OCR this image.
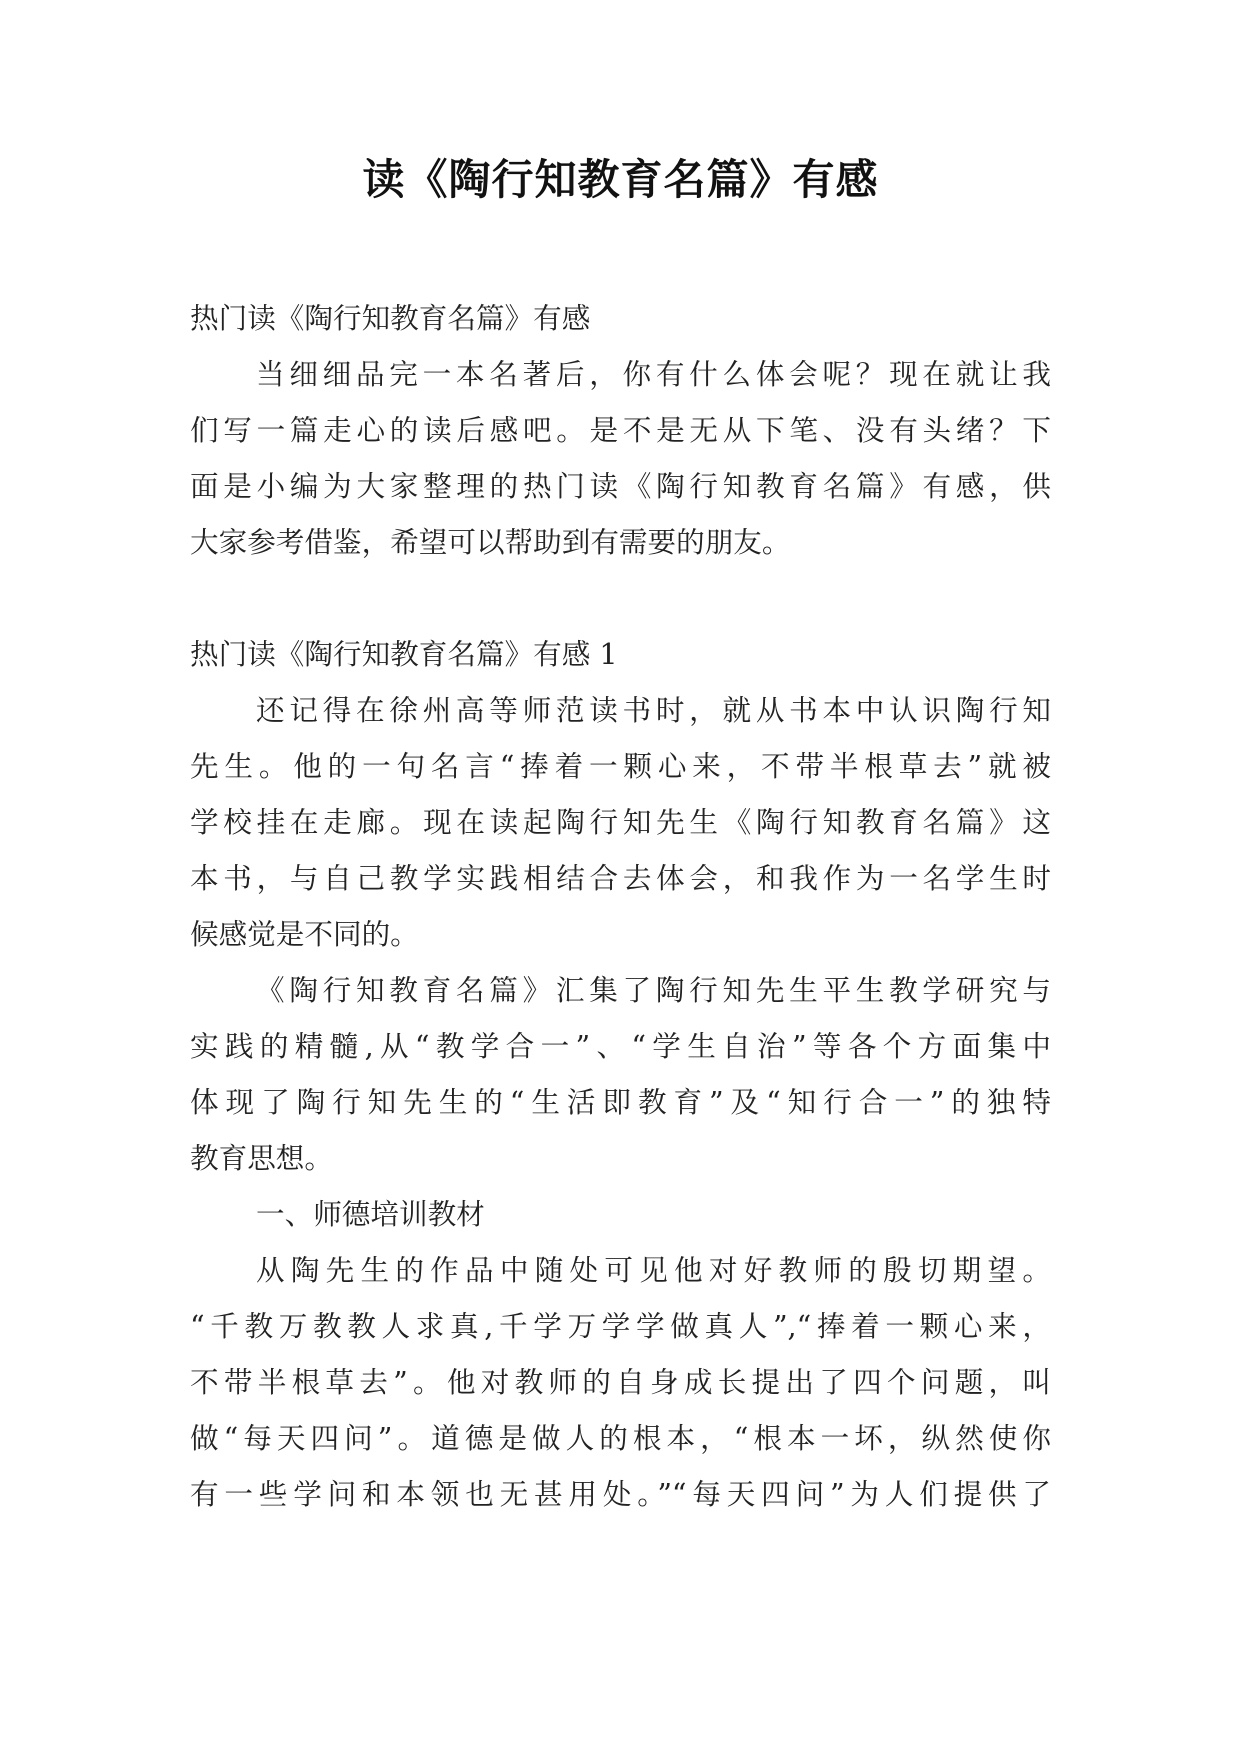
读《陶行知教育名篇》有感
热门读《陶行知教育名篇》有感
当细细品完一本名著后，你有什么体会呢？现在就让我
们写一篇走心的读后感吧。是不是无从下笔、没有头绪？下
面是小编为大家整理的热门读《陶行知教育名篇》有感，供
大家参考借鉴，希望可以帮助到有需要的朋友。
热门读《陶行知教育名篇》有感 1
还记得在徐州高等师范读书时，就从书本中认识陶行知
先生。他的一句名言“捧着一颗心来，不带半根草去”就被
学校挂在走廊。现在读起陶行知先生《陶行知教育名篇》这
本书，与自己教学实践相结合去体会，和我作为一名学生时
候感觉是不同的。
《陶行知教育名篇》汇集了陶行知先生平生教学研究与
实践的精髓,从“教学合一”、“学生自治”等各个方面集中
体现了陶行知先生的“生活即教育”及“知行合一”的独特
教育思想。
一、师德培训教材
从陶先生的作品中随处可见他对好教师的殷切期望。
“千教万教教人求真,千学万学学做真人”,“捧着一颗心来，
不带半根草去”。他对教师的自身成长提出了四个问题，叫
做“每天四问”。道德是做人的根本，“根本一坏，纵然使你
有一些学问和本领也无甚用处。”“每天四问”为人们提供了
